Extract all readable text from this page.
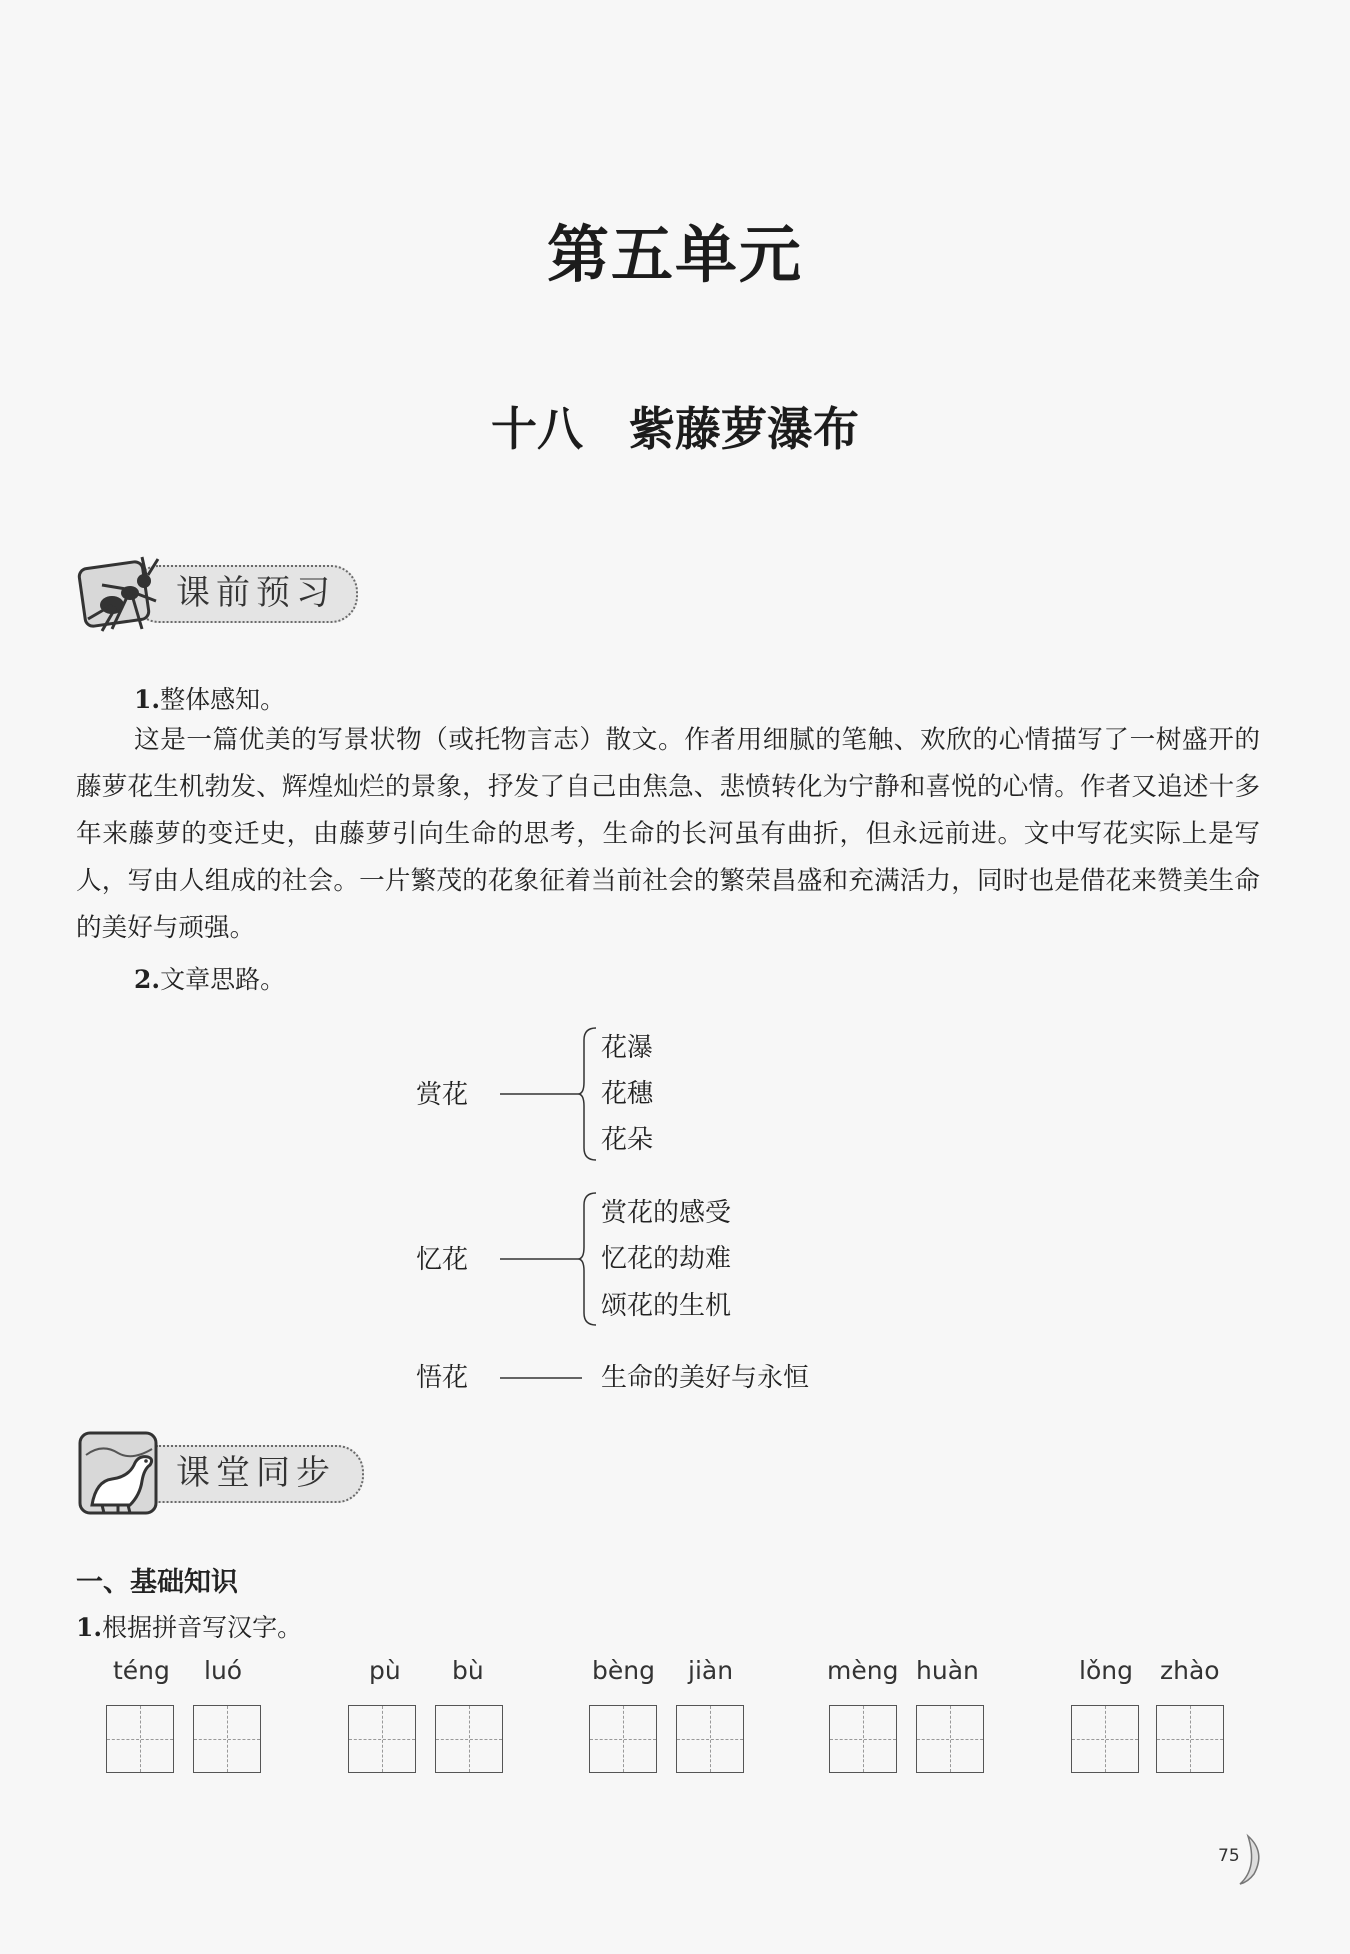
第五单元
十八 紫藤萝瀑布
课前预习
1.整体感知。
这是一篇优美的写景状物（或托物言志）散文。作者用细腻的笔触、欢欣的心情描写了一树盛开的藤萝花生机勃发、辉煌灿烂的景象，抒发了自己由焦急、悲愤转化为宁静和喜悦的心情。作者又追述十多年来藤萝的变迁史，由藤萝引向生命的思考，生命的长河虽有曲折，但永远前进。文中写花实际上是写人，写由人组成的社会。一片繁茂的花象征着当前社会的繁荣昌盛和充满活力，同时也是借花来赞美生命的美好与顽强。
2.文章思路。
赏花
花瀑
花穗
花朵
忆花
赏花的感受
忆花的劫难
颂花的生机
悟花	生命的美好与永恒
课堂同步
一、基础知识
1.根据拼音写汉字。
téng luó	pù bù	bèng jiàn	mèng huàn	lǒng zhào
75
